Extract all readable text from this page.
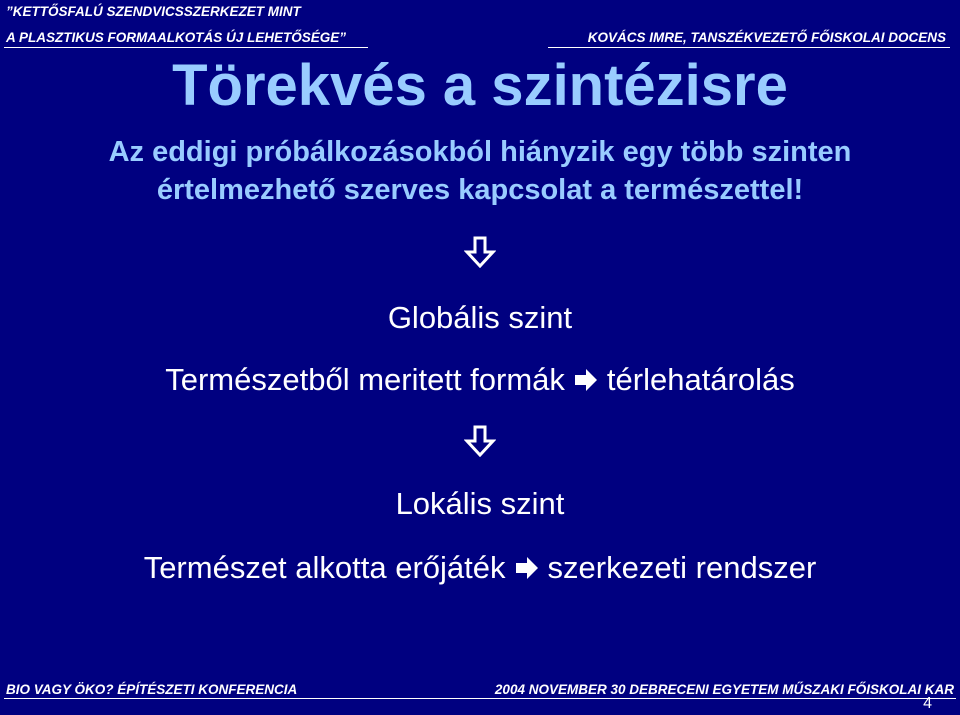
”KETTŐSFALÚ SZENDVICSSZERKEZET MINT
A PLASZTIKUS FORMAALKOTÁS ÚJ LEHETŐSÉGE”	KOVÁCS IMRE, TANSZÉKVEZETŐ FŐISKOLAI DOCENS
Törekvés a szintézisre
Az eddigi próbálkozásokból hiányzik egy több szinten értelmezhető szerves kapcsolat a természettel!
Globális szint
Természetből meritett formák térlehatárolás
Lokális szint
Természet alkotta erőjáték szerkezeti rendszer
BIO VAGY ÖKO? ÉPÍTÉSZETI KONFERENCIA	2004 NOVEMBER 30 DEBRECENI EGYETEM MŰSZAKI FŐISKOLAI KAR
4
